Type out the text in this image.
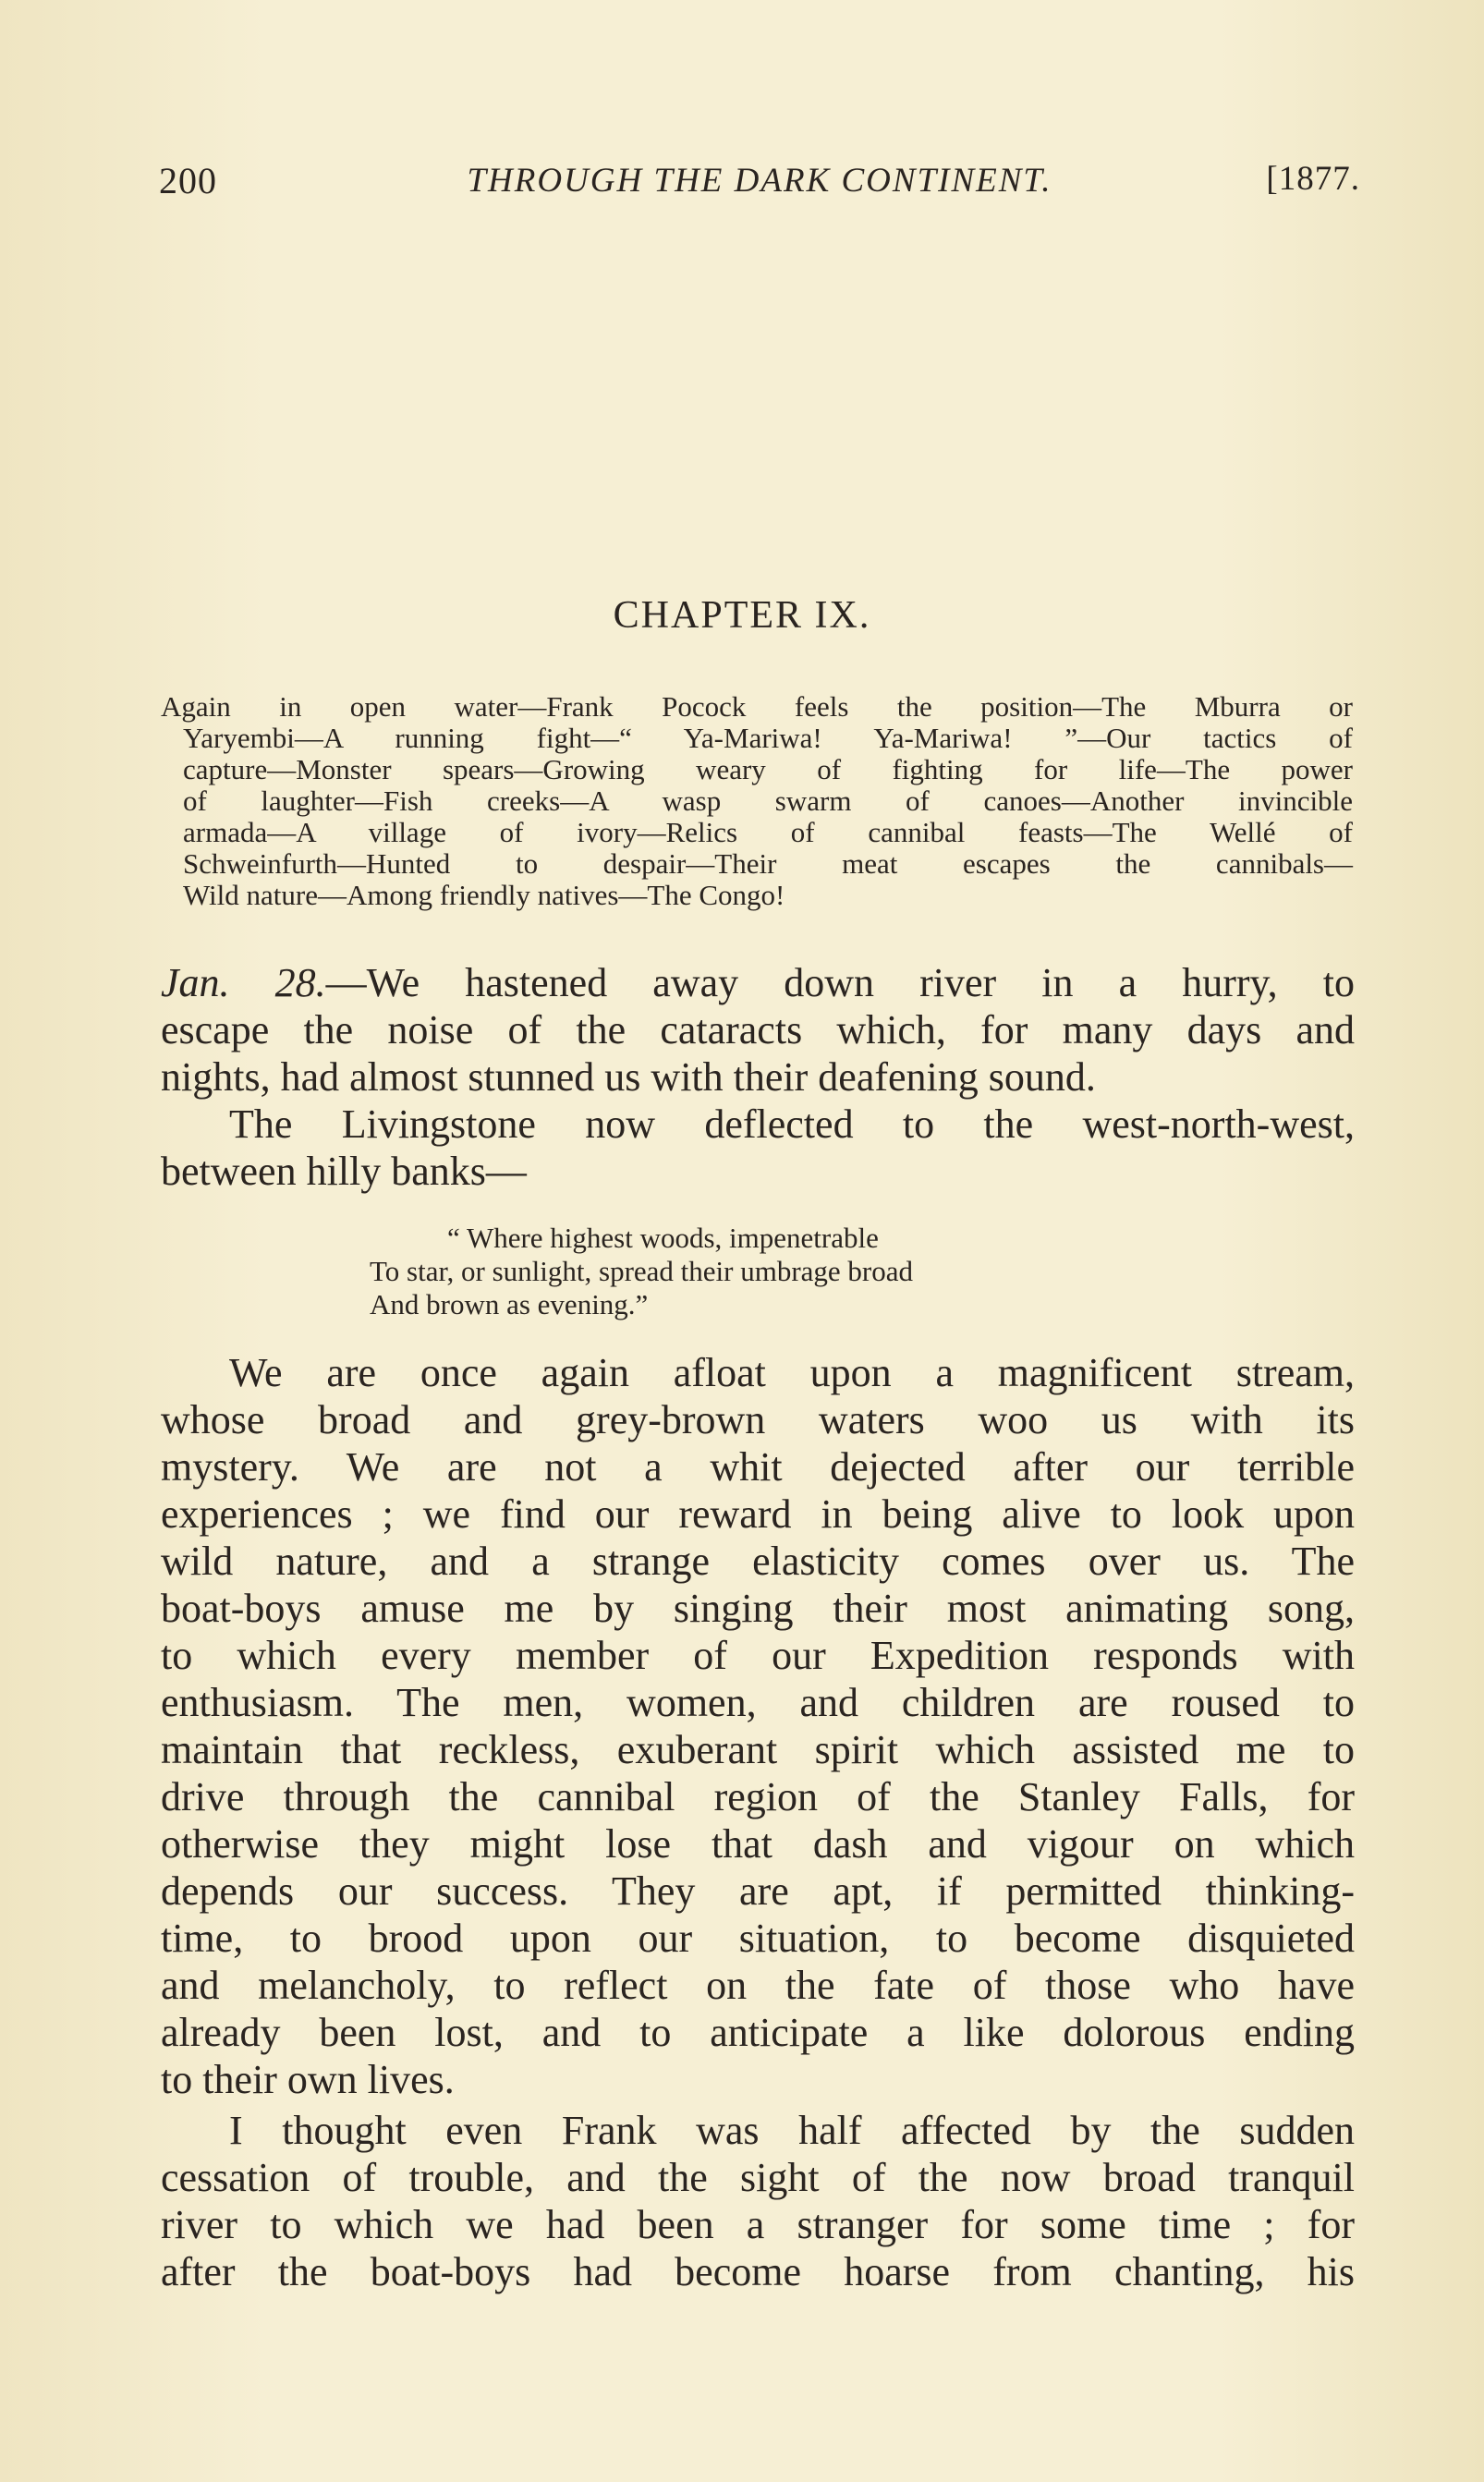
200	THROUGH THE DARK CONTINENT.	[1877.
CHAPTER IX.
Again in open water—Frank Pocock feels the position—The Mburra or
Yaryembi—A running fight—“ Ya-Mariwa! Ya-Mariwa! ”—Our tactics of
capture—Monster spears—Growing weary of fighting for life—The power
of laughter—Fish creeks—A wasp swarm of canoes—Another invincible
armada—A village of ivory—Relics of cannibal feasts—The Wellé of
Schweinfurth—Hunted to despair—Their meat escapes the cannibals—
Wild nature—Among friendly natives—The Congo!
Jan. 28.—We hastened away down river in a hurry, to
escape the noise of the cataracts which, for many days and
nights, had almost stunned us with their deafening sound.
The Livingstone now deflected to the west-north-west,
between hilly banks—
“ Where highest woods, impenetrable
To star, or sunlight, spread their umbrage broad
And brown as evening.”
We are once again afloat upon a magnificent stream,
whose broad and grey-brown waters woo us with its
mystery. We are not a whit dejected after our terrible
experiences ; we find our reward in being alive to look upon
wild nature, and a strange elasticity comes over us. The
boat-boys amuse me by singing their most animating song,
to which every member of our Expedition responds with
enthusiasm. The men, women, and children are roused to
maintain that reckless, exuberant spirit which assisted me to
drive through the cannibal region of the Stanley Falls, for
otherwise they might lose that dash and vigour on which
depends our success. They are apt, if permitted thinking-
time, to brood upon our situation, to become disquieted
and melancholy, to reflect on the fate of those who have
already been lost, and to anticipate a like dolorous ending
to their own lives.
I thought even Frank was half affected by the sudden
cessation of trouble, and the sight of the now broad tranquil
river to which we had been a stranger for some time ; for
after the boat-boys had become hoarse from chanting, his
